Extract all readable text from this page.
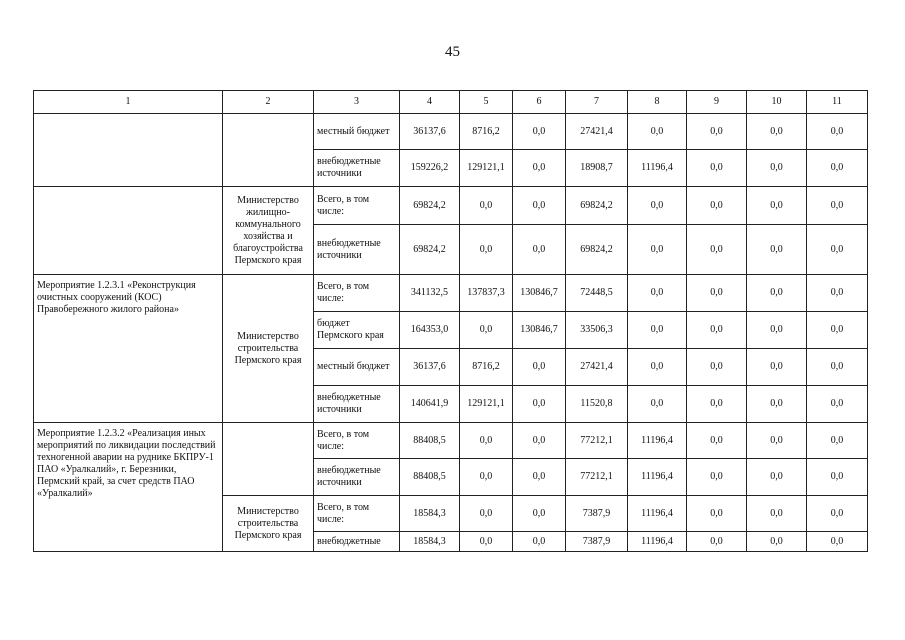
45
1	2	3	4	5	6	7	8	9	10	11
		местный бюджет	36137,6	8716,2	0,0	27421,4	0,0	0,0	0,0	0,0
		внебюджетные источники	159226,2	129121,1	0,0	18908,7	11196,4	0,0	0,0	0,0
	Министерство жилищно-коммунального хозяйства и благоустройства Пермского края	Всего, в том числе:	69824,2	0,0	0,0	69824,2	0,0	0,0	0,0	0,0
		внебюджетные источники	69824,2	0,0	0,0	69824,2	0,0	0,0	0,0	0,0
Мероприятие 1.2.3.1 «Реконструкция очистных сооружений (КОС) Правобережного жилого района»	Министерство строительства Пермского края	Всего, в том числе:	341132,5	137837,3	130846,7	72448,5	0,0	0,0	0,0	0,0
		бюджет Пермского края	164353,0	0,0	130846,7	33506,3	0,0	0,0	0,0	0,0
		местный бюджет	36137,6	8716,2	0,0	27421,4	0,0	0,0	0,0	0,0
		внебюджетные источники	140641,9	129121,1	0,0	11520,8	0,0	0,0	0,0	0,0
Мероприятие 1.2.3.2 «Реализация иных мероприятий по ликвидации последствий техногенной аварии на руднике БКПРУ-1 ПАО «Уралкалий», г. Березники, Пермский край, за счет средств ПАО «Уралкалий»		Всего, в том числе:	88408,5	0,0	0,0	77212,1	11196,4	0,0	0,0	0,0
		внебюджетные источники	88408,5	0,0	0,0	77212,1	11196,4	0,0	0,0	0,0
	Министерство строительства Пермского края	Всего, в том числе:	18584,3	0,0	0,0	7387,9	11196,4	0,0	0,0	0,0
		внебюджетные	18584,3	0,0	0,0	7387,9	11196,4	0,0	0,0	0,0
